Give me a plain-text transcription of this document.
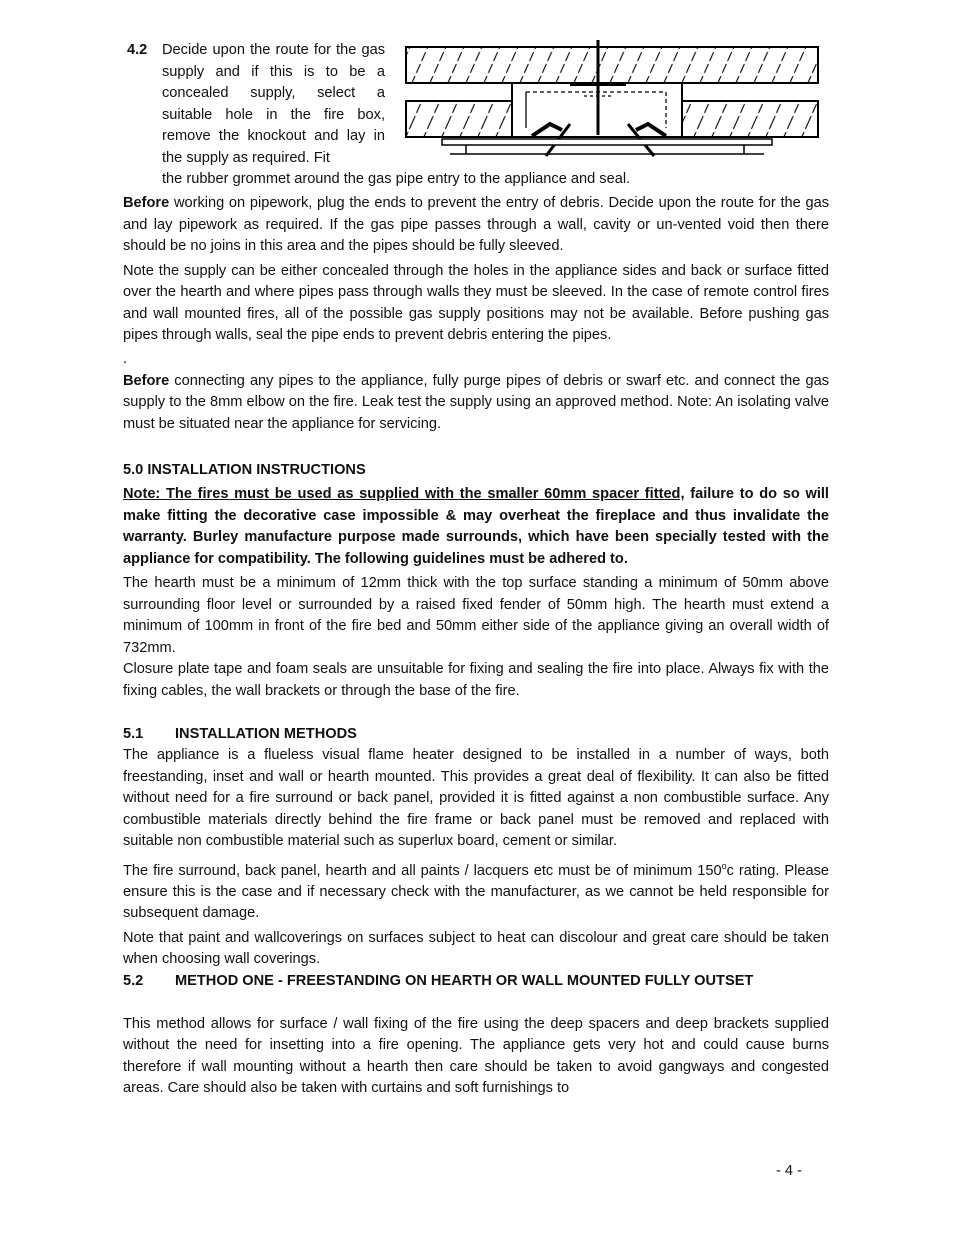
4.2 Decide upon the route for the gas supply and if this is to be a concealed supply, select a suitable hole in the fire box, remove the knockout and lay in the supply as required. Fit

the rubber grommet around the gas pipe entry to the appliance and seal.

Before working on pipework, plug the ends to prevent the entry of debris. Decide upon the route for the gas and lay pipework as required. If the gas pipe passes through a wall, cavity or un-vented void then there should be no joins in this area and the pipes should be fully sleeved.

Note the supply can be either concealed through the holes in the appliance sides and back or surface fitted over the hearth and where pipes pass through walls they must be sleeved. In the case of remote control fires and wall mounted fires, all of the possible gas supply positions may not be available. Before pushing gas pipes through walls, seal the pipe ends to prevent debris entering the pipes.

.

Before connecting any pipes to the appliance, fully purge pipes of debris or swarf etc. and connect the gas supply to the 8mm elbow on the fire. Leak test the supply using an approved method. Note: An isolating valve must be situated near the appliance for servicing.

5.0 INSTALLATION INSTRUCTIONS

Note: The fires must be used as supplied with the smaller 60mm spacer fitted, failure to do so will make fitting the decorative case impossible & may overheat the fireplace and thus invalidate the warranty. Burley manufacture purpose made surrounds, which have been specially tested with the appliance for compatibility. The following guidelines must be adhered to.

The hearth must be a minimum of 12mm thick with the top surface standing a minimum of 50mm above surrounding floor level or surrounded by a raised fixed fender of 50mm high. The hearth must extend a minimum of 100mm in front of the fire bed and 50mm either side of the appliance giving an overall width of 732mm.

Closure plate tape and foam seals are unsuitable for fixing and sealing the fire into place. Always fix with the fixing cables, the wall brackets or through the base of the fire.

5.1 INSTALLATION METHODS

The appliance is a flueless visual flame heater designed to be installed in a number of ways, both freestanding, inset and wall or hearth mounted. This provides a great deal of flexibility. It can also be fitted without need for a fire surround or back panel, provided it is fitted against a non combustible surface. Any combustible materials directly behind the fire frame or back panel must be removed and replaced with suitable non combustible material such as superlux board, cement or similar.

The fire surround, back panel, hearth and all paints / lacquers etc must be of minimum 150$^o$c rating. Please ensure this is the case and if necessary check with the manufacturer, as we cannot be held responsible for subsequent damage.

Note that paint and wallcoverings on surfaces subject to heat can discolour and great care should be taken when choosing wall coverings.

5.2 METHOD ONE - FREESTANDING ON HEARTH OR WALL MOUNTED FULLY OUTSET

This method allows for surface / wall fixing of the fire using the deep spacers and deep brackets supplied without the need for insetting into a fire opening. The appliance gets very hot and could cause burns therefore if wall mounting without a hearth then care should be taken to avoid gangways and congested areas. Care should also be taken with curtains and soft furnishings to

- 4 -
